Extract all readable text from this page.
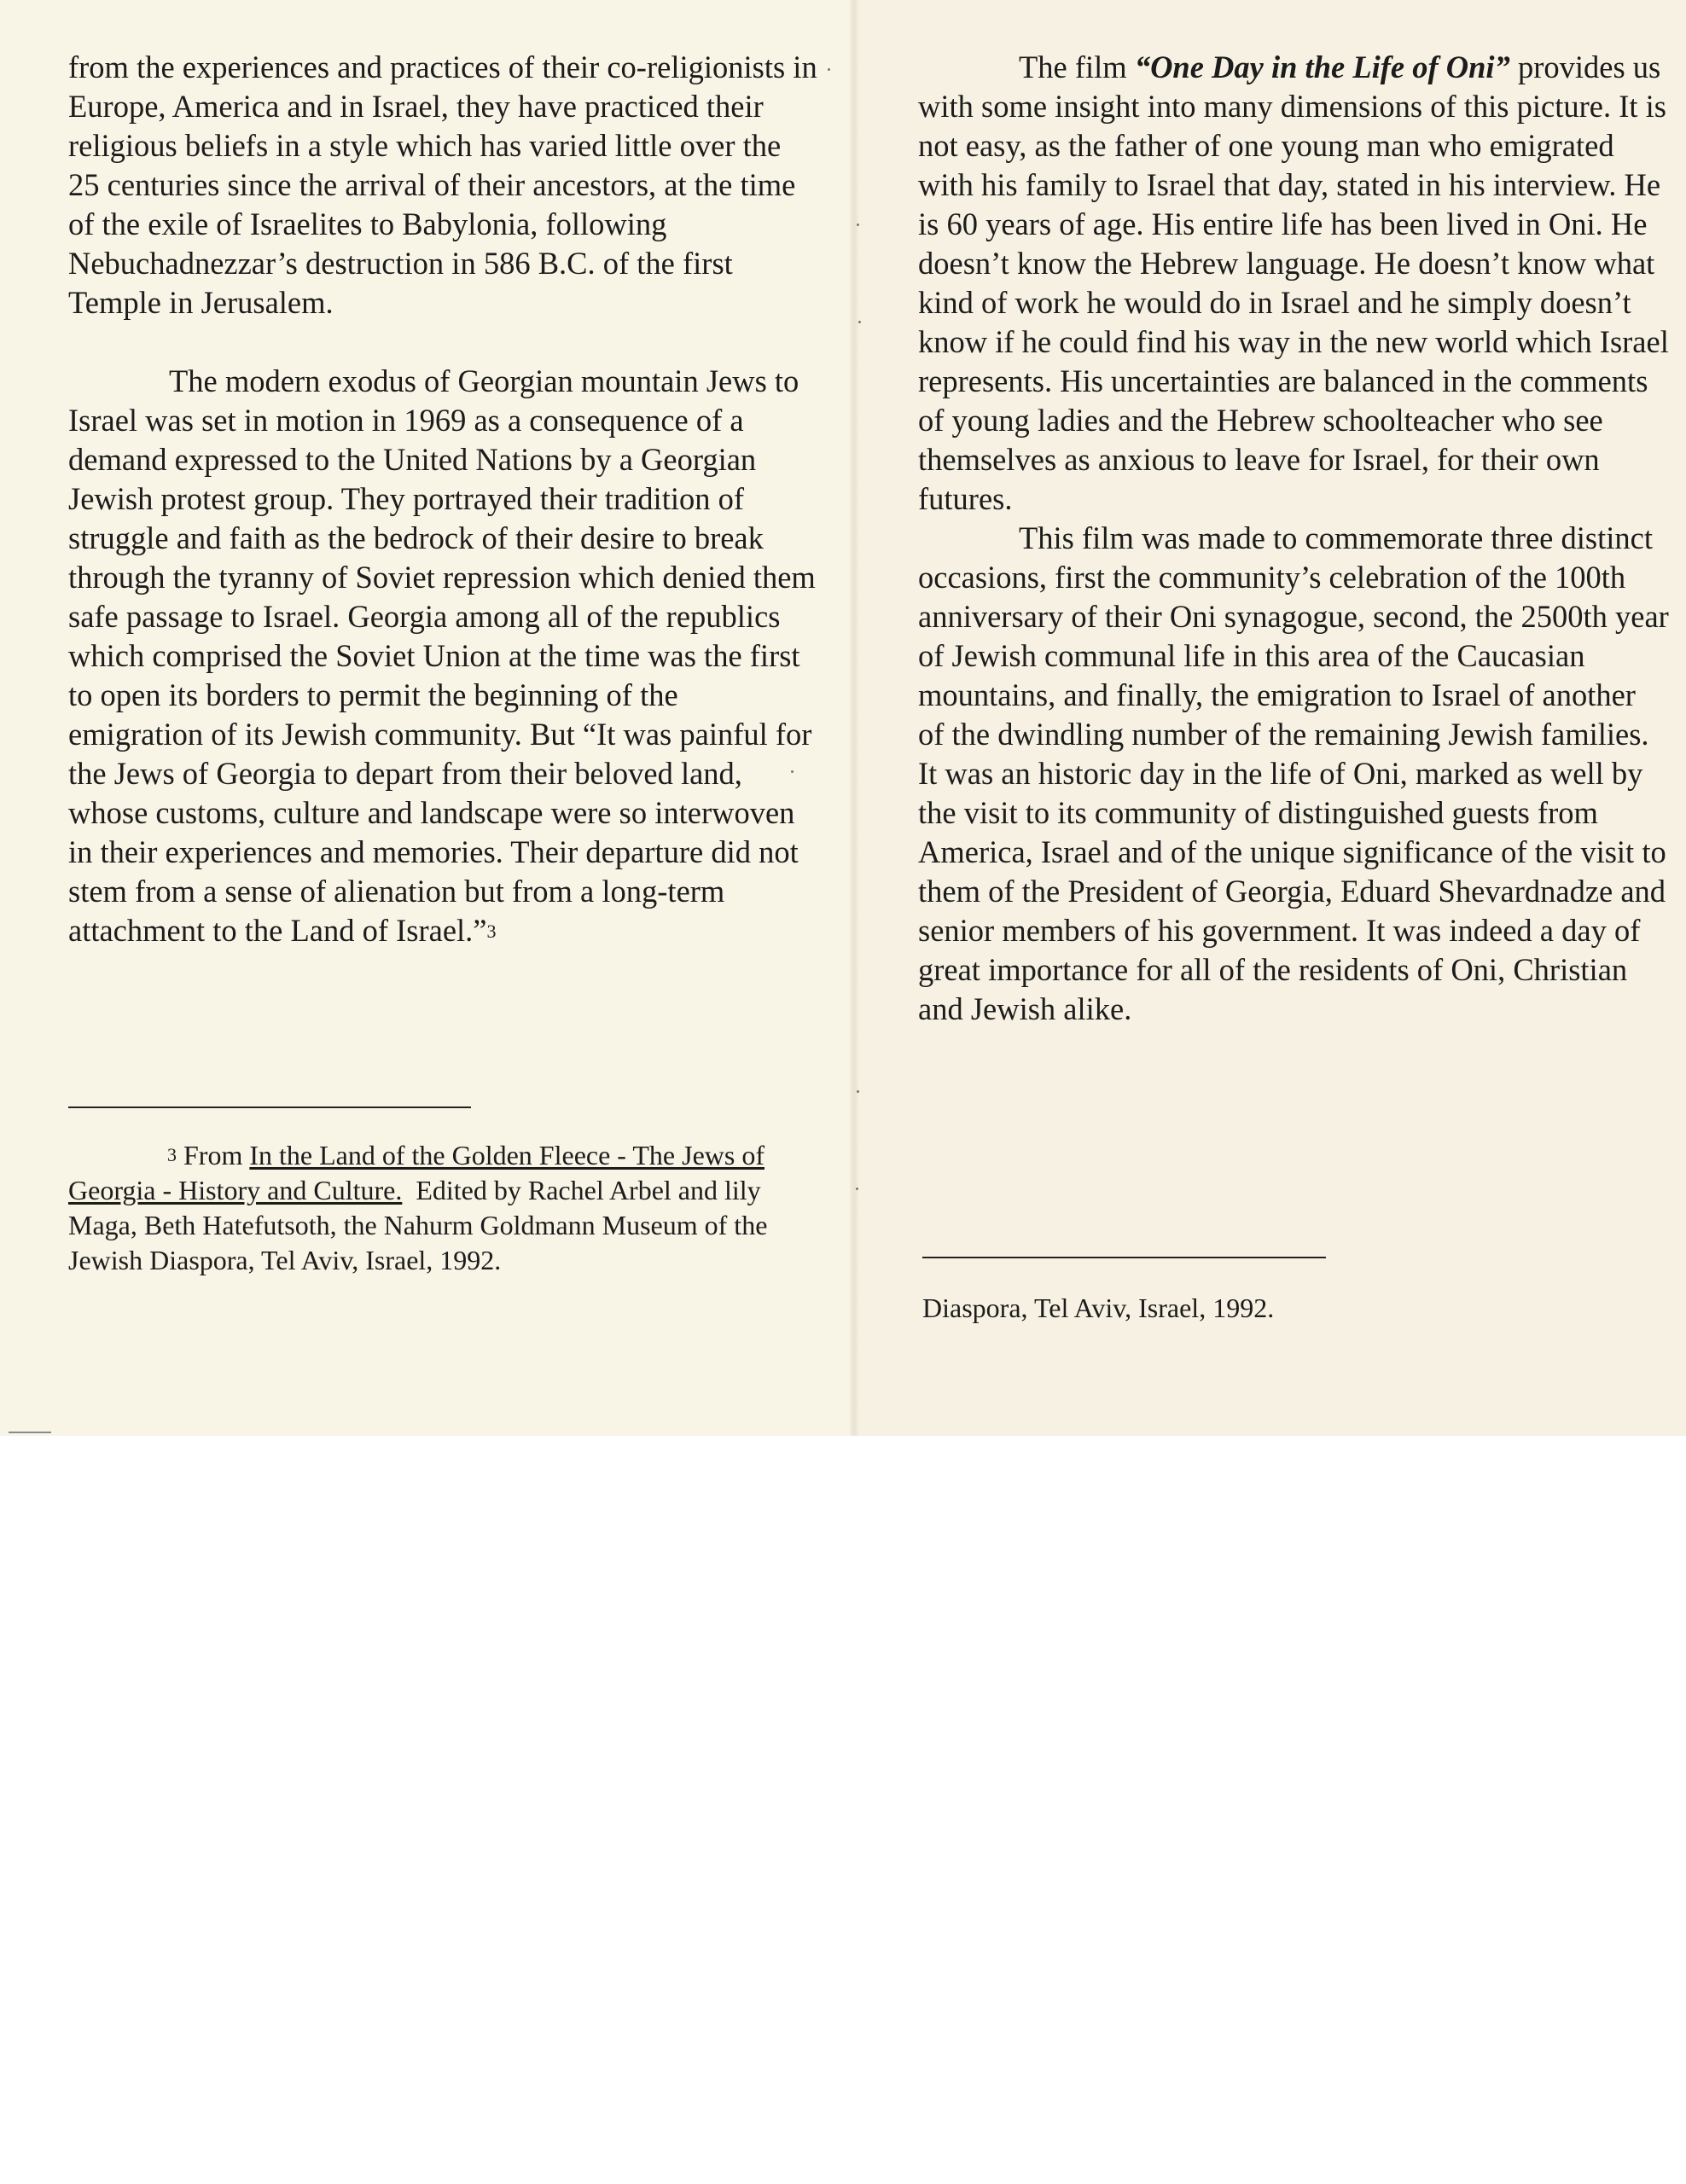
from the experiences and practices of their co-religionists in Europe, America and in Israel, they have practiced their religious beliefs in a style which has varied little over the 25 centuries since the arrival of their ancestors, at the time of the exile of Israelites to Babylonia, following Nebuchadnezzar’s destruction in 586 B.C. of the first Temple in Jerusalem.

The modern exodus of Georgian mountain Jews to Israel was set in motion in 1969 as a consequence of a demand expressed to the United Nations by a Georgian Jewish protest group. They portrayed their tradition of struggle and faith as the bedrock of their desire to break through the tyranny of Soviet repression which denied them safe passage to Israel. Georgia among all of the republics which comprised the Soviet Union at the time was the first to open its borders to permit the beginning of the emigration of its Jewish community. But “It was painful for the Jews of Georgia to depart from their beloved land, whose customs, culture and landscape were so interwoven in their experiences and memories. Their departure did not stem from a sense of alienation but from a long-term attachment to the Land of Israel.”$^3$

$^3$ From In the Land of the Golden Fleece - The Jews of Georgia - History and Culture. Edited by Rachel Arbel and lily Maga, Beth Hatefutsoth, the Nahurm Goldmann Museum of the Jewish Diaspora, Tel Aviv, Israel, 1992.

The film “One Day in the Life of Oni” provides us with some insight into many dimensions of this picture. It is not easy, as the father of one young man who emigrated with his family to Israel that day, stated in his interview. He is 60 years of age. His entire life has been lived in Oni. He doesn’t know the Hebrew language. He doesn’t know what kind of work he would do in Israel and he simply doesn’t know if he could find his way in the new world which Israel represents. His uncertainties are balanced in the comments of young ladies and the Hebrew schoolteacher who see themselves as anxious to leave for Israel, for their own futures.

This film was made to commemorate three distinct occasions, first the community’s celebration of the 100th anniversary of their Oni synagogue, second, the 2500th year of Jewish communal life in this area of the Caucasian mountains, and finally, the emigration to Israel of another of the dwindling number of the remaining Jewish families. It was an historic day in the life of Oni, marked as well by the visit to its community of distinguished guests from America, Israel and of the unique significance of the visit to them of the President of Georgia, Eduard Shevardnadze and senior members of his government. It was indeed a day of great importance for all of the residents of Oni, Christian and Jewish alike.

Diaspora, Tel Aviv, Israel, 1992.
